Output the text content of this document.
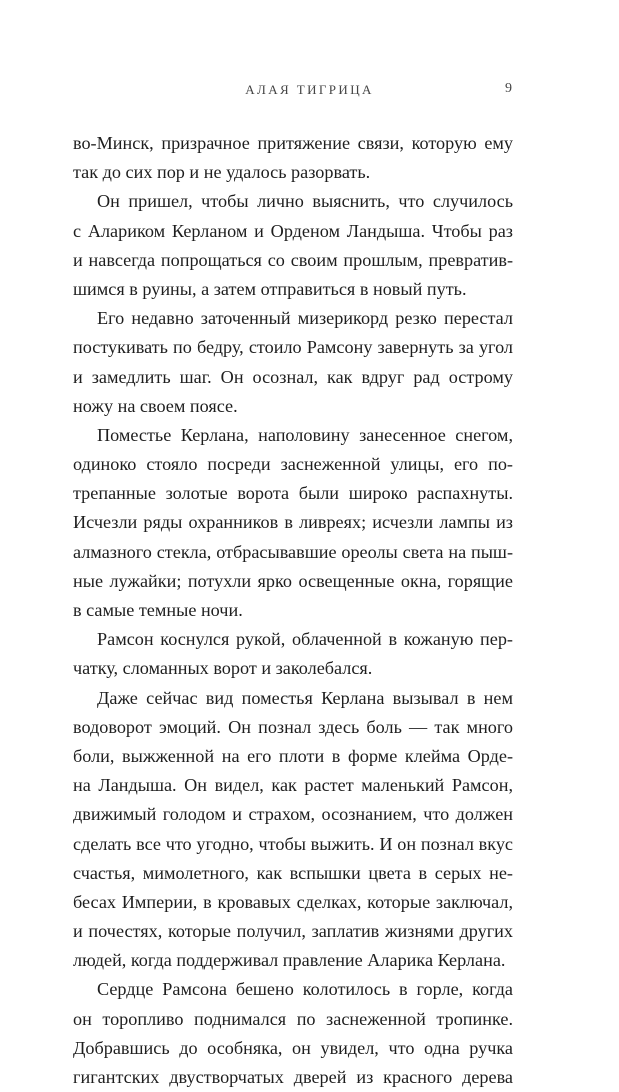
АЛАЯ ТИГРИЦА	9
во-Минск, призрачное притяжение связи, которую ему
так до сих пор и не удалось разорвать.
Он пришел, чтобы лично выяснить, что случилось
с Алариком Керланом и Орденом Ландыша. Чтобы раз
и навсегда попрощаться со своим прошлым, превратив-
шимся в руины, а затем отправиться в новый путь.
Его недавно заточенный мизерикорд резко перестал
постукивать по бедру, стоило Рамсону завернуть за угол
и замедлить шаг. Он осознал, как вдруг рад острому
ножу на своем поясе.
Поместье Керлана, наполовину занесенное снегом,
одиноко стояло посреди заснеженной улицы, его по-
трепанные золотые ворота были широко распахнуты.
Исчезли ряды охранников в ливреях; исчезли лампы из
алмазного стекла, отбрасывавшие ореолы света на пыш-
ные лужайки; потухли ярко освещенные окна, горящие
в самые темные ночи.
Рамсон коснулся рукой, облаченной в кожаную пер-
чатку, сломанных ворот и заколебался.
Даже сейчас вид поместья Керлана вызывал в нем
водоворот эмоций. Он познал здесь боль — так много
боли, выжженной на его плоти в форме клейма Орде-
на Ландыша. Он видел, как растет маленький Рамсон,
движимый голодом и страхом, осознанием, что должен
сделать все что угодно, чтобы выжить. И он познал вкус
счастья, мимолетного, как вспышки цвета в серых не-
бесах Империи, в кровавых сделках, которые заключал,
и почестях, которые получил, заплатив жизнями других
людей, когда поддерживал правление Аларика Керлана.
Сердце Рамсона бешено колотилось в горле, когда
он торопливо поднимался по заснеженной тропинке.
Добравшись до особняка, он увидел, что одна ручка
гигантских двустворчатых дверей из красного дерева
